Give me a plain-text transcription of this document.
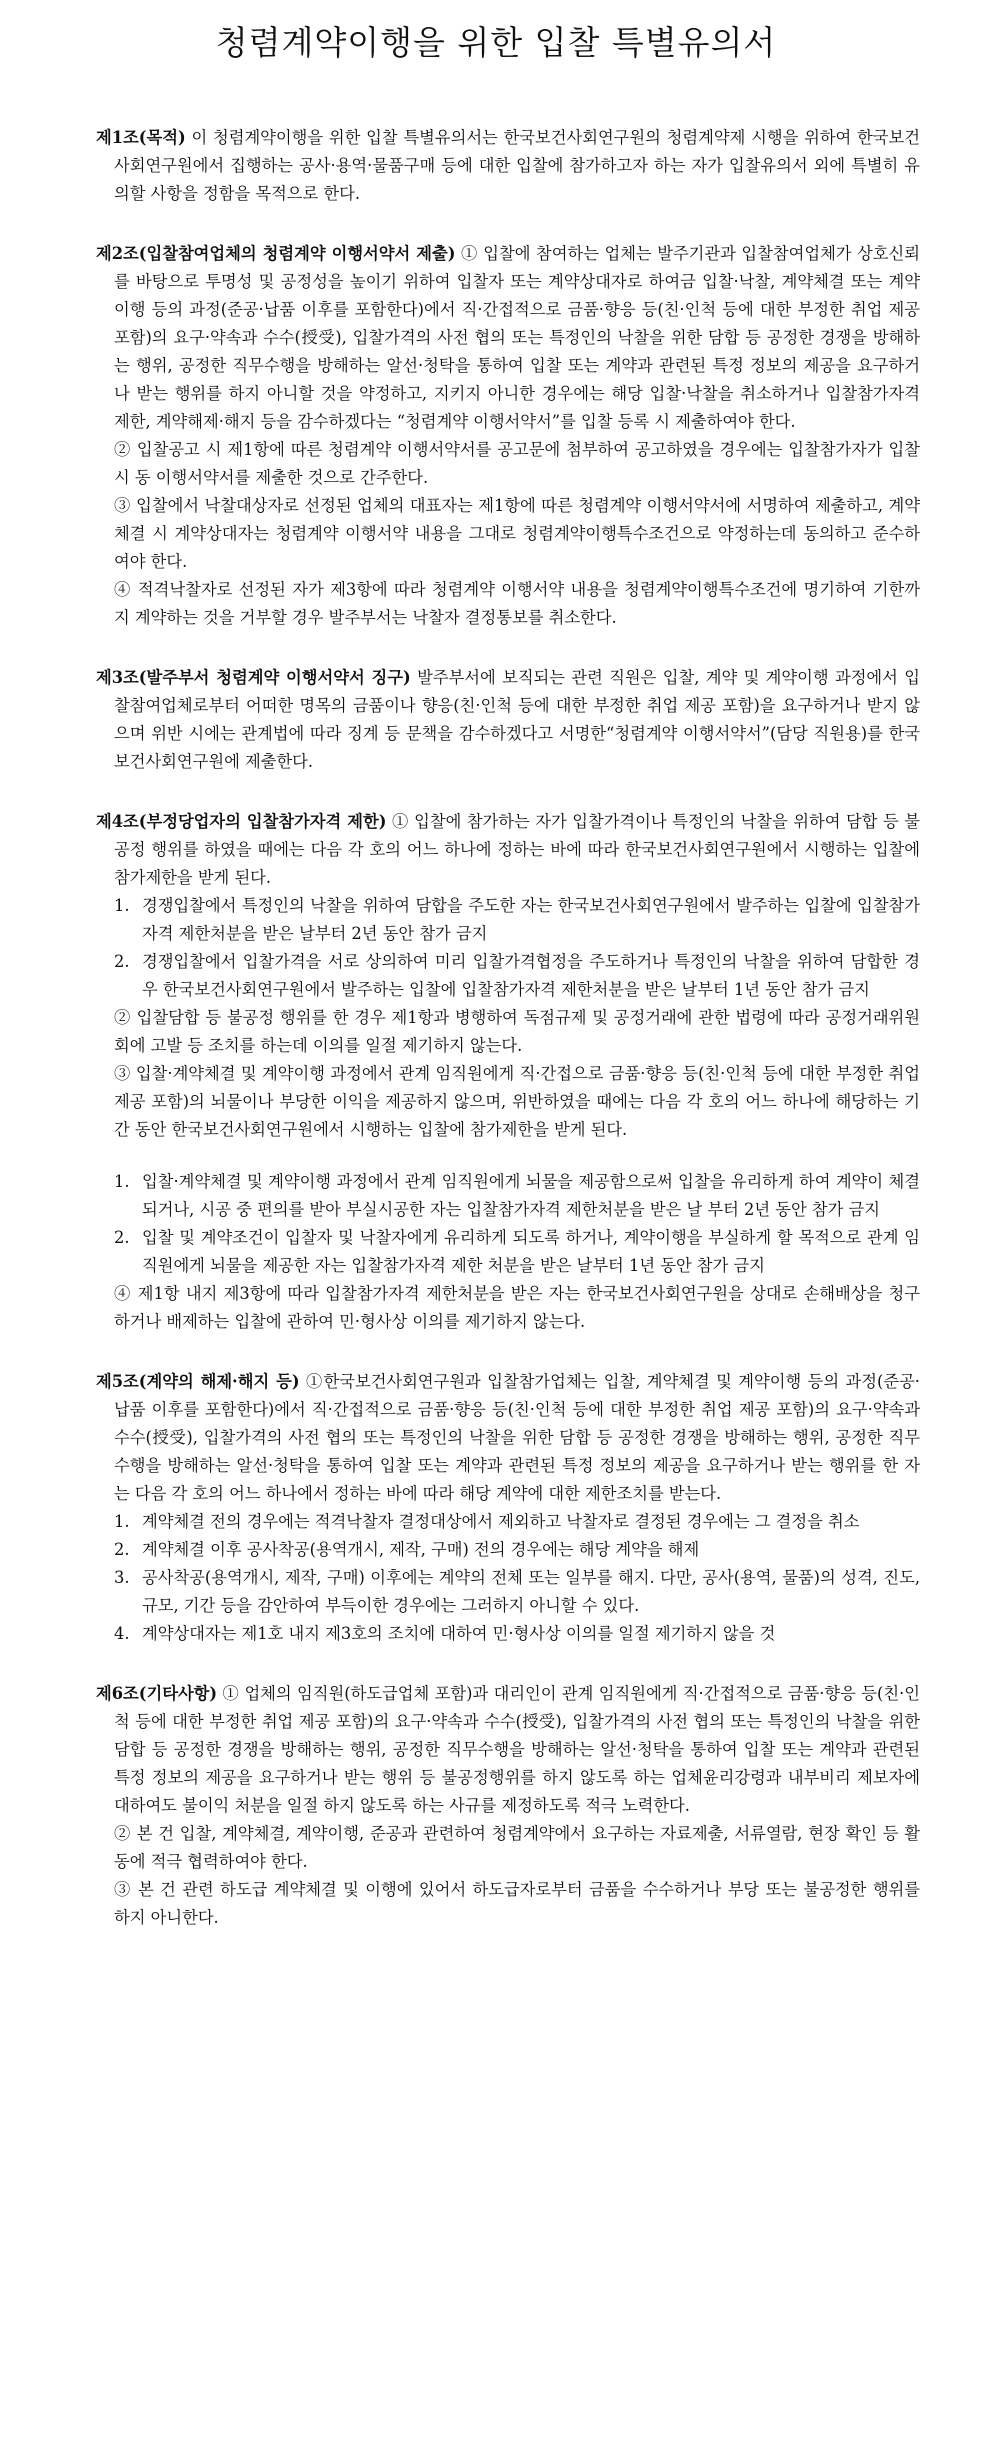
청렴계약이행을 위한 입찰 특별유의서

제1조(목적) 이 청렴계약이행을 위한 입찰 특별유의서는 한국보건사회연구원의 청렴계약제 시행을 위하여 한국보건사회연구원에서 집행하는 공사·용역·물품구매 등에 대한 입찰에 참가하고자 하는 자가 입찰유의서 외에 특별히 유의할 사항을 정함을 목적으로 한다.

제2조(입찰참여업체의 청렴계약 이행서약서 제출) ① 입찰에 참여하는 업체는 발주기관과 입찰참여업체가 상호신뢰를 바탕으로 투명성 및 공정성을 높이기 위하여 입찰자 또는 계약상대자로 하여금 입찰·낙찰, 계약체결 또는 계약이행 등의 과정(준공·납품 이후를 포함한다)에서 직·간접적으로 금품·향응 등(친·인척 등에 대한 부정한 취업 제공 포함)의 요구·약속과 수수(授受), 입찰가격의 사전 협의 또는 특정인의 낙찰을 위한 담합 등 공정한 경쟁을 방해하는 행위, 공정한 직무수행을 방해하는 알선·청탁을 통하여 입찰 또는 계약과 관련된 특정 정보의 제공을 요구하거나 받는 행위를 하지 아니할 것을 약정하고, 지키지 아니한 경우에는 해당 입찰·낙찰을 취소하거나 입찰참가자격 제한, 계약해제·해지 등을 감수하겠다는 “청렴계약 이행서약서”를 입찰 등록 시 제출하여야 한다.

② 입찰공고 시 제1항에 따른 청렴계약 이행서약서를 공고문에 첨부하여 공고하였을 경우에는 입찰참가자가 입찰 시 동 이행서약서를 제출한 것으로 간주한다.

③ 입찰에서 낙찰대상자로 선정된 업체의 대표자는 제1항에 따른 청렴계약 이행서약서에 서명하여 제출하고, 계약체결 시 계약상대자는 청렴계약 이행서약 내용을 그대로 청렴계약이행특수조건으로 약정하는데 동의하고 준수하여야 한다.

④ 적격낙찰자로 선정된 자가 제3항에 따라 청렴계약 이행서약 내용을 청렴계약이행특수조건에 명기하여 기한까지 계약하는 것을 거부할 경우 발주부서는 낙찰자 결정통보를 취소한다.

제3조(발주부서 청렴계약 이행서약서 징구) 발주부서에 보직되는 관련 직원은 입찰, 계약 및 계약이행 과정에서 입찰참여업체로부터 어떠한 명목의 금품이나 향응(친·인척 등에 대한 부정한 취업 제공 포함)을 요구하거나 받지 않으며 위반 시에는 관계법에 따라 징계 등 문책을 감수하겠다고 서명한“청렴계약 이행서약서”(담당 직원용)를 한국보건사회연구원에 제출한다.

제4조(부정당업자의 입찰참가자격 제한) ① 입찰에 참가하는 자가 입찰가격이나 특정인의 낙찰을 위하여 담합 등 불공정 행위를 하였을 때에는 다음 각 호의 어느 하나에 정하는 바에 따라 한국보건사회연구원에서 시행하는 입찰에 참가제한을 받게 된다.

1. 경쟁입찰에서 특정인의 낙찰을 위하여 담합을 주도한 자는 한국보건사회연구원에서 발주하는 입찰에 입찰참가자격 제한처분을 받은 날부터 2년 동안 참가 금지
2. 경쟁입찰에서 입찰가격을 서로 상의하여 미리 입찰가격협정을 주도하거나 특정인의 낙찰을 위하여 담합한 경우 한국보건사회연구원에서 발주하는 입찰에 입찰참가자격 제한처분을 받은 날부터 1년 동안 참가 금지

② 입찰담합 등 불공정 행위를 한 경우 제1항과 병행하여 독점규제 및 공정거래에 관한 법령에 따라 공정거래위원회에 고발 등 조치를 하는데 이의를 일절 제기하지 않는다.

③ 입찰·계약체결 및 계약이행 과정에서 관계 임직원에게 직·간접으로 금품·향응 등(친·인척 등에 대한 부정한 취업 제공 포함)의 뇌물이나 부당한 이익을 제공하지 않으며, 위반하였을 때에는 다음 각 호의 어느 하나에 해당하는 기간 동안 한국보건사회연구원에서 시행하는 입찰에 참가제한을 받게 된다.

1. 입찰·계약체결 및 계약이행 과정에서 관계 임직원에게 뇌물을 제공함으로써 입찰을 유리하게 하여 계약이 체결되거나, 시공 중 편의를 받아 부실시공한 자는 입찰참가자격 제한처분을 받은 날 부터 2년 동안 참가 금지
2. 입찰 및 계약조건이 입찰자 및 낙찰자에게 유리하게 되도록 하거나, 계약이행을 부실하게 할 목적으로 관계 임직원에게 뇌물을 제공한 자는 입찰참가자격 제한 처분을 받은 날부터 1년 동안 참가 금지

④ 제1항 내지 제3항에 따라 입찰참가자격 제한처분을 받은 자는 한국보건사회연구원을 상대로 손해배상을 청구하거나 배제하는 입찰에 관하여 민·형사상 이의를 제기하지 않는다.

제5조(계약의 해제·해지 등) ①한국보건사회연구원과 입찰참가업체는 입찰, 계약체결 및 계약이행 등의 과정(준공·납품 이후를 포함한다)에서 직·간접적으로 금품·향응 등(친·인척 등에 대한 부정한 취업 제공 포함)의 요구·약속과 수수(授受), 입찰가격의 사전 협의 또는 특정인의 낙찰을 위한 담합 등 공정한 경쟁을 방해하는 행위, 공정한 직무수행을 방해하는 알선·청탁을 통하여 입찰 또는 계약과 관련된 특정 정보의 제공을 요구하거나 받는 행위를 한 자는 다음 각 호의 어느 하나에서 정하는 바에 따라 해당 계약에 대한 제한조치를 받는다.

1. 계약체결 전의 경우에는 적격낙찰자 결정대상에서 제외하고 낙찰자로 결정된 경우에는 그 결정을 취소
2. 계약체결 이후 공사착공(용역개시, 제작, 구매) 전의 경우에는 해당 계약을 해제
3. 공사착공(용역개시, 제작, 구매) 이후에는 계약의 전체 또는 일부를 해지. 다만, 공사(용역, 물품)의 성격, 진도, 규모, 기간 등을 감안하여 부득이한 경우에는 그러하지 아니할 수 있다.
4. 계약상대자는 제1호 내지 제3호의 조치에 대하여 민·형사상 이의를 일절 제기하지 않을 것

제6조(기타사항) ① 업체의 임직원(하도급업체 포함)과 대리인이 관계 임직원에게 직·간접적으로 금품·향응 등(친·인척 등에 대한 부정한 취업 제공 포함)의 요구·약속과 수수(授受), 입찰가격의 사전 협의 또는 특정인의 낙찰을 위한 담합 등 공정한 경쟁을 방해하는 행위, 공정한 직무수행을 방해하는 알선·청탁을 통하여 입찰 또는 계약과 관련된 특정 정보의 제공을 요구하거나 받는 행위 등 불공정행위를 하지 않도록 하는 업체윤리강령과 내부비리 제보자에 대하여도 불이익 처분을 일절 하지 않도록 하는 사규를 제정하도록 적극 노력한다.

② 본 건 입찰, 계약체결, 계약이행, 준공과 관련하여 청렴계약에서 요구하는 자료제출, 서류열람, 현장 확인 등 활동에 적극 협력하여야 한다.

③ 본 건 관련 하도급 계약체결 및 이행에 있어서 하도급자로부터 금품을 수수하거나 부당 또는 불공정한 행위를 하지 아니한다.
